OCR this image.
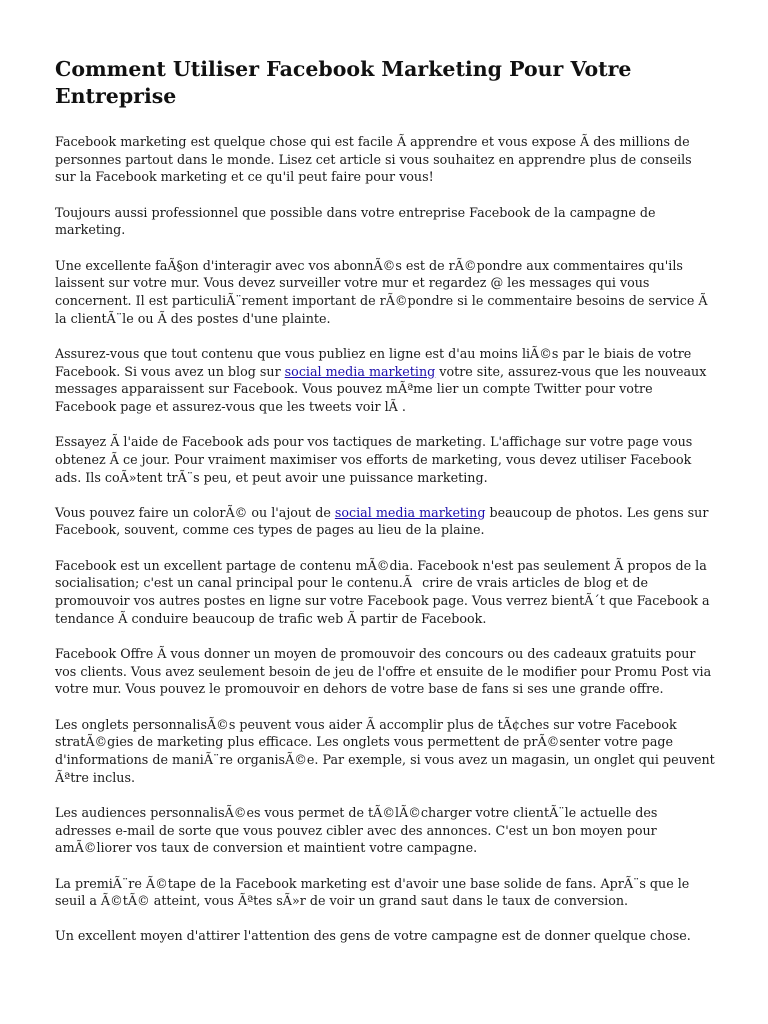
Comment Utiliser Facebook Marketing Pour Votre Entreprise

Facebook marketing est quelque chose qui est facile Ã apprendre et vous expose Ã des millions de personnes partout dans le monde. Lisez cet article si vous souhaitez en apprendre plus de conseils sur la Facebook marketing et ce qu'il peut faire pour vous!

Toujours aussi professionnel que possible dans votre entreprise Facebook de la campagne de marketing.

Une excellente faÃ§on d'interagir avec vos abonnÃ©s est de rÃ©pondre aux commentaires qu'ils laissent sur votre mur. Vous devez surveiller votre mur et regardez @ les messages qui vous concernent. Il est particuliÃ¨rement important de rÃ©pondre si le commentaire besoins de service Ã la clientÃ¨le ou Ã des postes d'une plainte.

Assurez-vous que tout contenu que vous publiez en ligne est d'au moins liÃ©s par le biais de votre Facebook. Si vous avez un blog sur social media marketing votre site, assurez-vous que les nouveaux messages apparaissent sur Facebook. Vous pouvez mÃªme lier un compte Twitter pour votre Facebook page et assurez-vous que les tweets voir lÃ .

Essayez Ã l'aide de Facebook ads pour vos tactiques de marketing. L'affichage sur votre page vous obtenez Ã ce jour. Pour vraiment maximiser vos efforts de marketing, vous devez utiliser Facebook ads. Ils coÃ»tent trÃ¨s peu, et peut avoir une puissance marketing.

Vous pouvez faire un colorÃ© ou l'ajout de social media marketing beaucoup de photos. Les gens sur Facebook, souvent, comme ces types de pages au lieu de la plaine.

Facebook est un excellent partage de contenu mÃ©dia. Facebook n'est pas seulement Ã propos de la socialisation; c'est un canal principal pour le contenu.Ãcrire de vrais articles de blog et de promouvoir vos autres postes en ligne sur votre Facebook page. Vous verrez bientÃ´t que Facebook a tendance Ã conduire beaucoup de trafic web Ã partir de Facebook.

Facebook Offre Ã vous donner un moyen de promouvoir des concours ou des cadeaux gratuits pour vos clients. Vous avez seulement besoin de jeu de l'offre et ensuite de le modifier pour Promu Post via votre mur. Vous pouvez le promouvoir en dehors de votre base de fans si ses une grande offre.

Les onglets personnalisÃ©s peuvent vous aider Ã accomplir plus de tÃ¢ches sur votre Facebook stratÃ©gies de marketing plus efficace. Les onglets vous permettent de prÃ©senter votre page d'informations de maniÃ¨re organisÃ©e. Par exemple, si vous avez un magasin, un onglet qui peuvent Ãªtre inclus.

Les audiences personnalisÃ©es vous permet de tÃ©lÃ©charger votre clientÃ¨le actuelle des adresses e-mail de sorte que vous pouvez cibler avec des annonces. C'est un bon moyen pour amÃ©liorer vos taux de conversion et maintient votre campagne.

La premiÃ¨re Ã©tape de la Facebook marketing est d'avoir une base solide de fans. AprÃ¨s que le seuil a Ã©tÃ© atteint, vous Ãªtes sÃ»r de voir un grand saut dans le taux de conversion.

Un excellent moyen d'attirer l'attention des gens de votre campagne est de donner quelque chose.
